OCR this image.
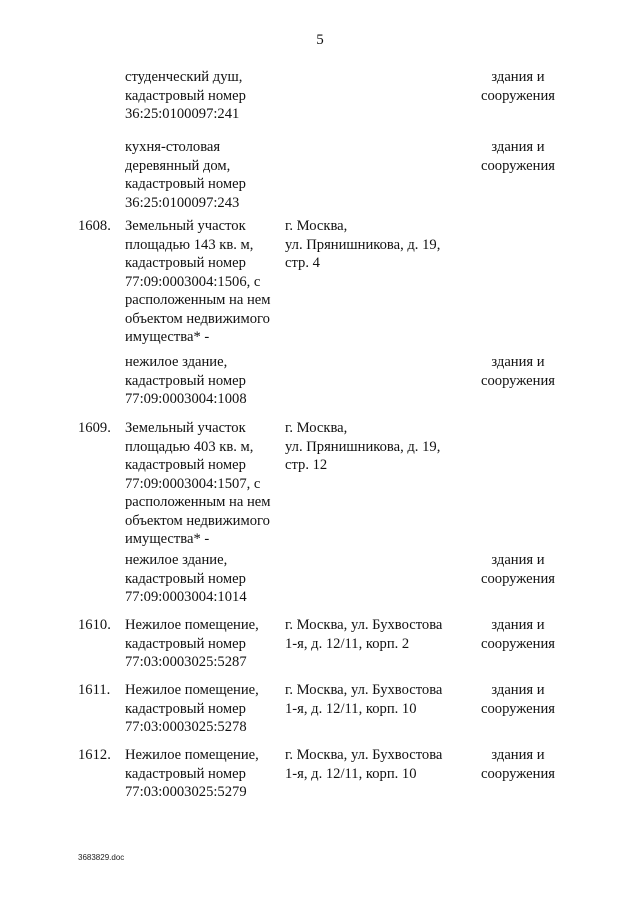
5
студенческий душ,
кадастровый номер
36:25:0100097:241
здания и
сооружения
кухня-столовая
деревянный дом,
кадастровый номер
36:25:0100097:243
здания и
сооружения
1608. Земельный участок
площадью 143 кв. м,
кадастровый номер
77:09:0003004:1506, с
расположенным на нем
объектом недвижимого
имущества* -
г. Москва,
ул. Прянишникова, д. 19,
стр. 4
нежилое здание,
кадастровый номер
77:09:0003004:1008
здания и
сооружения
1609. Земельный участок
площадью 403 кв. м,
кадастровый номер
77:09:0003004:1507, с
расположенным на нем
объектом недвижимого
имущества* -
г. Москва,
ул. Прянишникова, д. 19,
стр. 12
нежилое здание,
кадастровый номер
77:09:0003004:1014
здания и
сооружения
1610. Нежилое помещение,
кадастровый номер
77:03:0003025:5287
г. Москва, ул. Бухвостова
1-я, д. 12/11, корп. 2
здания и
сооружения
1611. Нежилое помещение,
кадастровый номер
77:03:0003025:5278
г. Москва, ул. Бухвостова
1-я, д. 12/11, корп. 10
здания и
сооружения
1612. Нежилое помещение,
кадастровый номер
77:03:0003025:5279
г. Москва, ул. Бухвостова
1-я, д. 12/11, корп. 10
здания и
сооружения
3683829.doc
